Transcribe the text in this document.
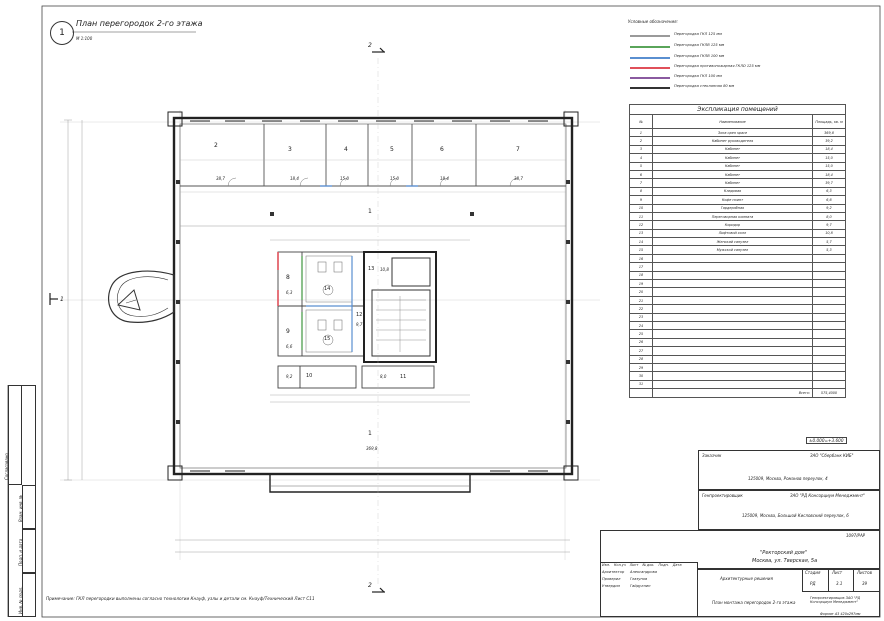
1
План перегородок 2-го этажа
М 1:100
2
2
1
2
38,7
3
18,4
4
15,0
5
15,0
6
18,4
7
38,7
1
1
369,8
8
6,3
9
6,6
10
9,2	11
8,0
12
9,7
13 10,8
14
15
Условные обозначения:
Перегородка ГКЛ 125 мм
Перегородка ГКЛВ 125 мм
Перегородка ГКЛВ 100 мм
Перегородка противопожарная ГКЛО 125 мм
Перегородка ГКЛ 100 мм
Перегородка стеклянная 80 мм
Экспликация помещений		
№	Наименование	Площадь, кв. м
1	Зона open space	369,8
2	Кабинет руководителя	39,2
3	Кабинет	18,4
4	Кабинет	15,0
5	Кабинет	15,0
6	Кабинет	18,4
7	Кабинет	39,7
8	Кладовая	6,3
9	Кофе поинт	6,6
10	Гардеробная	9,2
11	Переговорная комната	8,0
12	Коридор	9,7
13	Лифтовой холл	10,8
14	Женский санузел	5,7
15	Мужской санузел	5,3
16		
17		
18		
19		
20		
21		
22		
23		
24		
25		
26		
27		
28		
29		
30		
31		
	Всего:	575,4000
±0.000=+3.600
Примечание: ГКЛ перегородки выполнены согласно технологии Кнауф, узлы и детали см. Кнауф/Технический Лист С11
Согласовано
Взам. инв. №
Подп. и дата
Инв. № подл.
Заказчик	ЗАО "Сбербанк КИБ"
125009, Москва, Романов переулок, 4
Генпроектировщик	ЗАО "РД Консорциум Менеджмент"
125009, Москва, Большой Кисловский переулок, 6
1097/РАР
"Ректорский дом"
Москва, ул. Тверская, 5а
Архитектурные решения
План монтажа перегородок 2-го этажа
Стадия	Лист	Листов
РД	3.1	39
Генпроектировщик ЗАО "РД Консорциум Менеджмент"
Формат А3 420х297мм
Изм. Кол.уч Лист № док. Подп. Дата
Архитектор Александрова
Проверил	Глазунов
Утвердил	Гайдуллин
